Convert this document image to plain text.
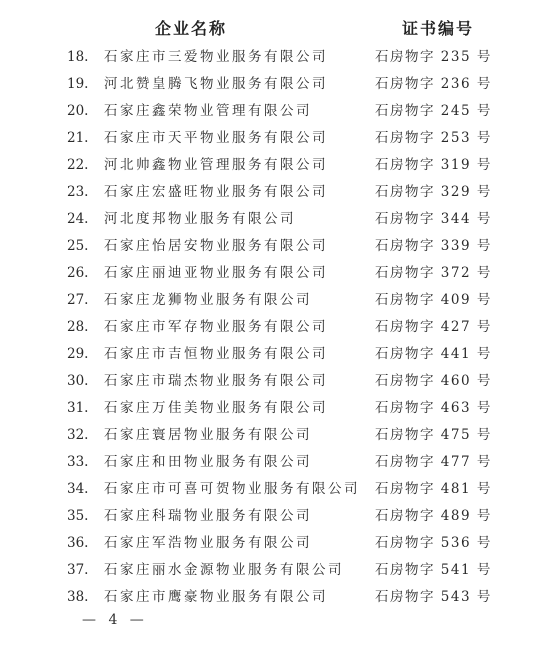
企业名称	证书编号
18.	石家庄市三爱物业服务有限公司	石房物字 235 号
19.	河北赞皇腾飞物业服务有限公司	石房物字 236 号
20.	石家庄鑫荣物业管理有限公司	石房物字 245 号
21.	石家庄市天平物业服务有限公司	石房物字 253 号
22.	河北帅鑫物业管理服务有限公司	石房物字 319 号
23.	石家庄宏盛旺物业服务有限公司	石房物字 329 号
24.	河北度邦物业服务有限公司	石房物字 344 号
25.	石家庄怡居安物业服务有限公司	石房物字 339 号
26.	石家庄丽迪亚物业服务有限公司	石房物字 372 号
27.	石家庄龙狮物业服务有限公司	石房物字 409 号
28.	石家庄市军存物业服务有限公司	石房物字 427 号
29.	石家庄市吉恒物业服务有限公司	石房物字 441 号
30.	石家庄市瑞杰物业服务有限公司	石房物字 460 号
31.	石家庄万佳美物业服务有限公司	石房物字 463 号
32.	石家庄寰居物业服务有限公司	石房物字 475 号
33.	石家庄和田物业服务有限公司	石房物字 477 号
34.	石家庄市可喜可贺物业服务有限公司 石房物字 481 号
35.	石家庄科瑞物业服务有限公司	石房物字 489 号
36.	石家庄军浩物业服务有限公司	石房物字 536 号
37.	石家庄丽水金源物业服务有限公司 石房物字 541 号
38.	石家庄市鹰豪物业服务有限公司	石房物字 543 号
— 4 —
